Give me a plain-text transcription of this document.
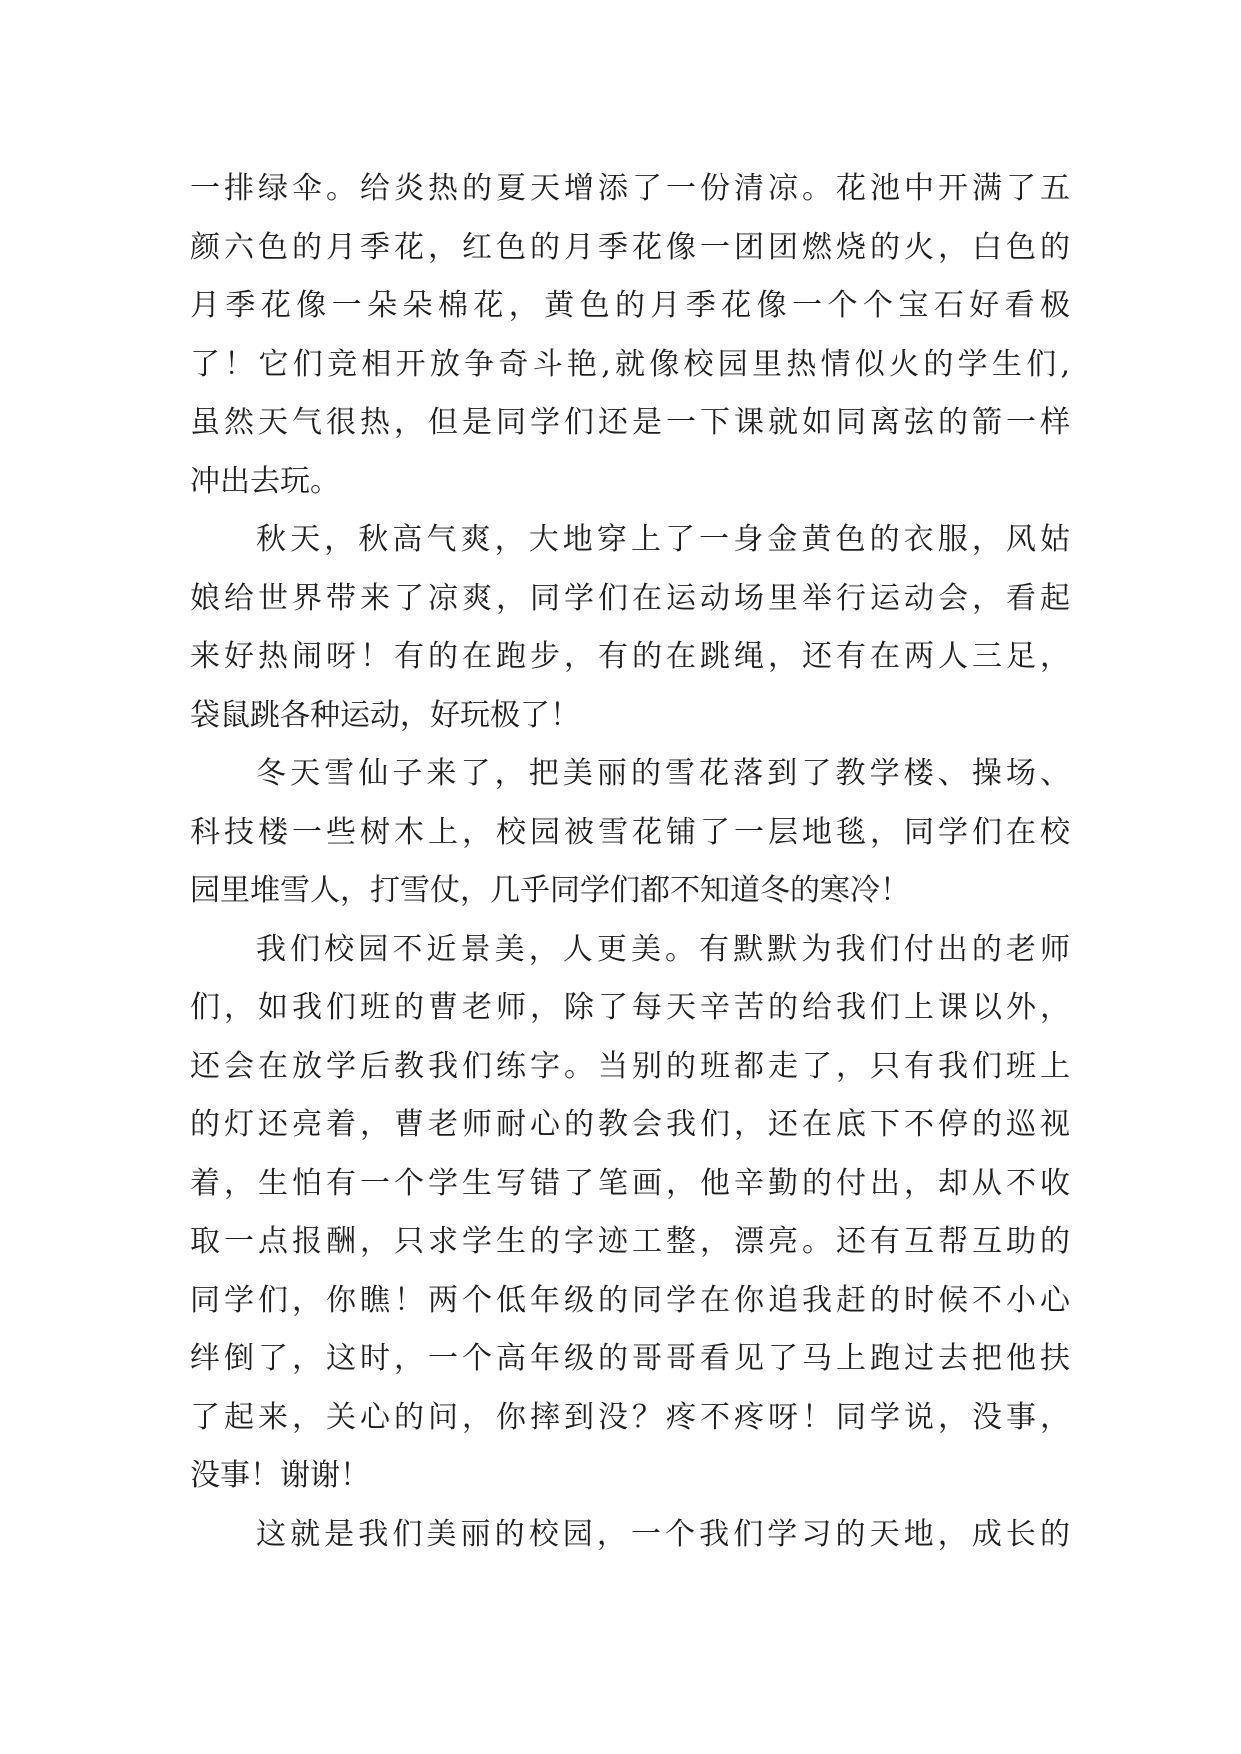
一排绿伞。给炎热的夏天增添了一份清凉。花池中开满了五
颜六色的月季花，红色的月季花像一团团燃烧的火，白色的
月季花像一朵朵棉花，黄色的月季花像一个个宝石好看极
了！它们竞相开放争奇斗艳,就像校园里热情似火的学生们,
虽然天气很热，但是同学们还是一下课就如同离弦的箭一样
冲出去玩。
秋天，秋高气爽，大地穿上了一身金黄色的衣服，风姑
娘给世界带来了凉爽，同学们在运动场里举行运动会，看起
来好热闹呀！有的在跑步，有的在跳绳，还有在两人三足，
袋鼠跳各种运动，好玩极了！
冬天雪仙子来了，把美丽的雪花落到了教学楼、操场、
科技楼一些树木上，校园被雪花铺了一层地毯，同学们在校
园里堆雪人，打雪仗，几乎同学们都不知道冬的寒冷！
我们校园不近景美，人更美。有默默为我们付出的老师
们，如我们班的曹老师，除了每天辛苦的给我们上课以外，
还会在放学后教我们练字。当别的班都走了，只有我们班上
的灯还亮着，曹老师耐心的教会我们，还在底下不停的巡视
着，生怕有一个学生写错了笔画，他辛勤的付出，却从不收
取一点报酬，只求学生的字迹工整，漂亮。还有互帮互助的
同学们，你瞧！两个低年级的同学在你追我赶的时候不小心
绊倒了，这时，一个高年级的哥哥看见了马上跑过去把他扶
了起来，关心的问，你摔到没？疼不疼呀！同学说，没事，
没事！谢谢！
这就是我们美丽的校园，一个我们学习的天地，成长的
